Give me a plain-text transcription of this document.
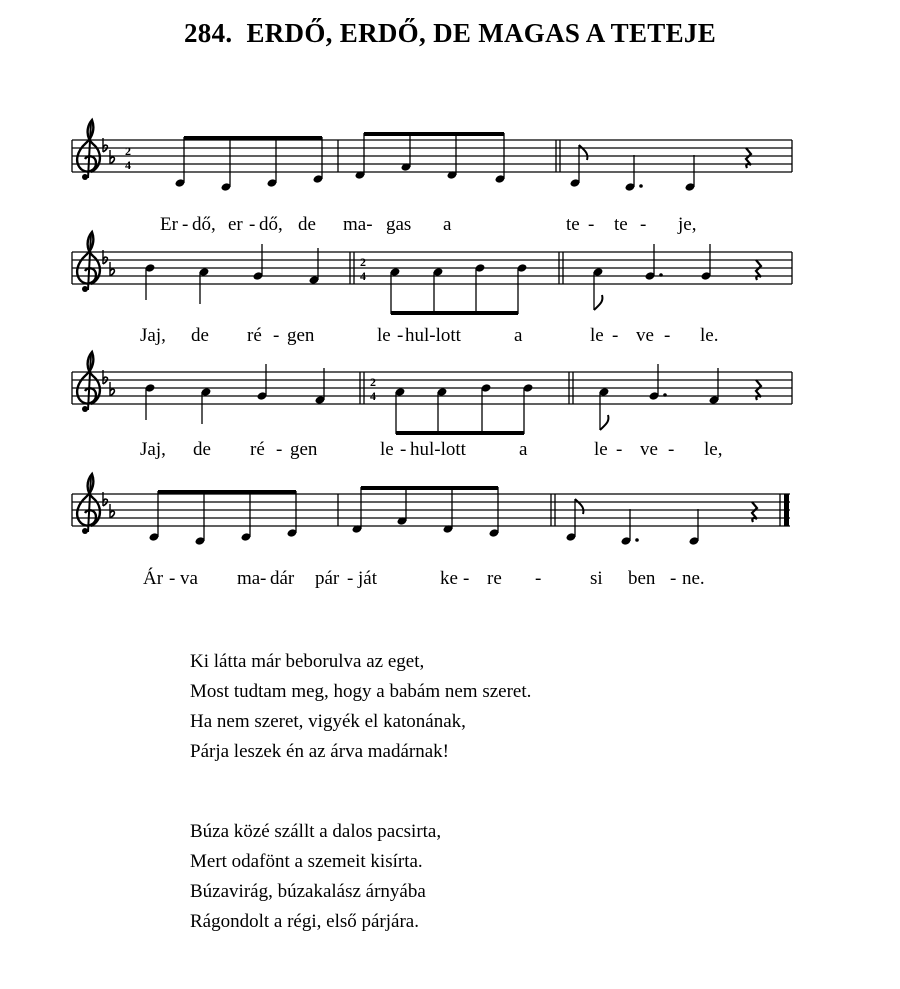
284. ERDŐ, ERDŐ, DE MAGAS A TETEJE
2
4
2
4
2
4
Er - dő, er - dő, de ma- gas a	te - te - je,
Jaj, de ré - gen	le - hul-lott	a	le - ve - le.
Jaj, de ré - gen	le - hul-lott	a	le - ve - le,
Ár - va ma - dár pár - ját	ke - re -	si ben - ne.
Ki látta már beborulva az eget,
Most tudtam meg, hogy a babám nem szeret.
Ha nem szeret, vigyék el katonának,
Párja leszek én az árva madárnak!
Búza közé szállt a dalos pacsirta,
Mert odafönt a szemeit kisírta.
Búzavirág, búzakalász árnyába
Rágondolt a régi, első párjára.
